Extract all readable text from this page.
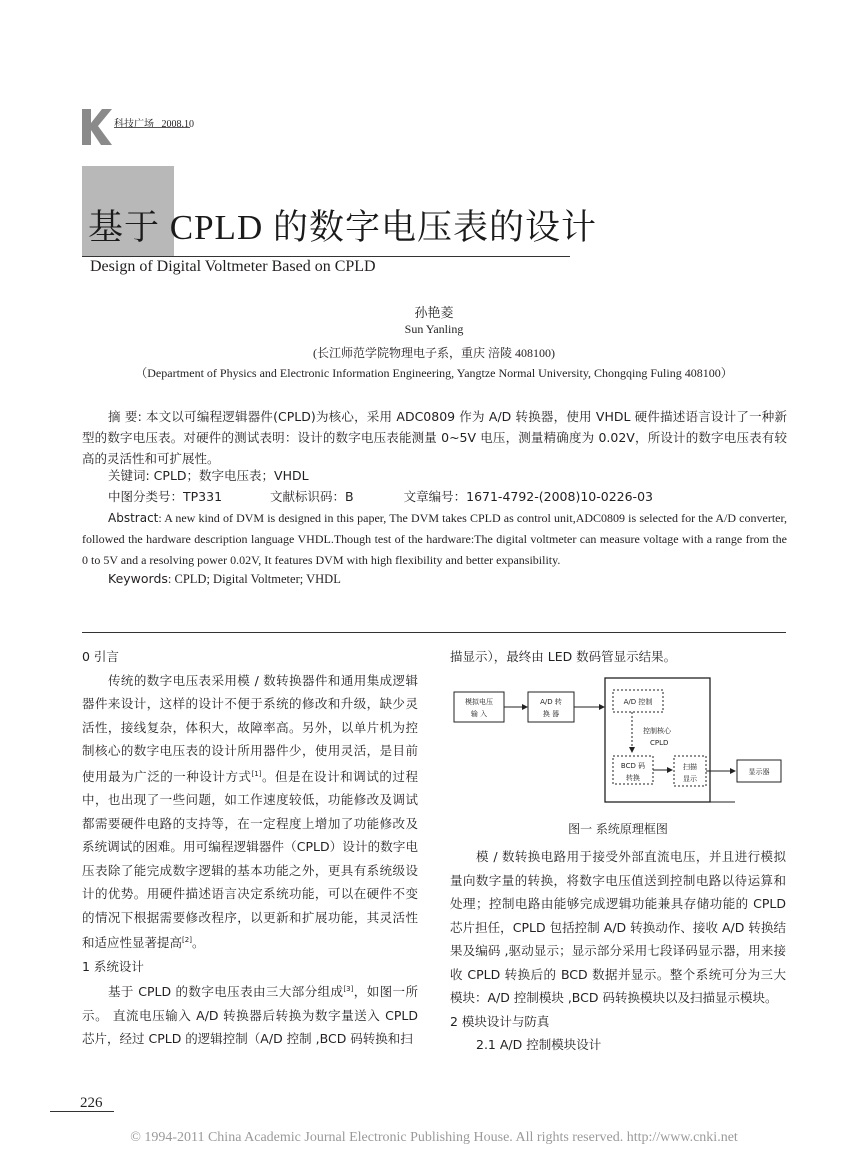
科技广场 2008.10
基于 CPLD 的数字电压表的设计
Design of Digital Voltmeter Based on CPLD
孙艳菱
Sun Yanling
(长江师范学院物理电子系，重庆 涪陵 408100)
（Department of Physics and Electronic Information Engineering, Yangtze Normal University, Chongqing Fuling 408100）
摘 要: 本文以可编程逻辑器件(CPLD)为核心，采用 ADC0809 作为 A/D 转换器，使用 VHDL 硬件描述语言设计了一种新型的数字电压表。对硬件的测试表明：设计的数字电压表能测量 0~5V 电压，测量精确度为 0.02V，所设计的数字电压表有较高的灵活性和可扩展性。
关键词: CPLD；数字电压表；VHDL
中图分类号：TP331	文献标识码：B	文章编号：1671-4792-(2008)10-0226-03
Abstract: A new kind of DVM is designed in this paper, The DVM takes CPLD as control unit,ADC0809 is selected for the A/D converter, followed the hardware description language VHDL.Though test of the hardware:The digital voltmeter can measure voltage with a range from the 0 to 5V and a resolving power 0.02V, It features DVM with high flexibility and better expansibility.
Keywords: CPLD; Digital Voltmeter; VHDL
0 引言
传统的数字电压表采用模 / 数转换器件和通用集成逻辑器件来设计，这样的设计不便于系统的修改和升级，缺少灵活性，接线复杂，体积大，故障率高。另外，以单片机为控制核心的数字电压表的设计所用器件少，使用灵活，是目前使用最为广泛的一种设计方式[1]。但是在设计和调试的过程中，也出现了一些问题，如工作速度较低，功能修改及调试都需要硬件电路的支持等，在一定程度上增加了功能修改及系统调试的困难。用可编程逻辑器件（CPLD）设计的数字电压表除了能完成数字逻辑的基本功能之外，更具有系统级设计的优势。用硬件描述语言决定系统功能，可以在硬件不变的情况下根据需要修改程序，以更新和扩展功能，其灵活性和适应性显著提高[2]。
1 系统设计
基于 CPLD 的数字电压表由三大部分组成[3]，如图一所示。 直流电压输入 A/D 转换器后转换为数字量送入 CPLD 芯片，经过 CPLD 的逻辑控制（A/D 控制 ,BCD 码转换和扫
描显示），最终由 LED 数码管显示结果。
模拟电压
输 入
A/D 转
换 器
A/D 控制
控制核心
CPLD
BCD 码
转换
扫描
显示
显示器
图一 系统原理框图
模 / 数转换电路用于接受外部直流电压，并且进行模拟量向数字量的转换，将数字电压值送到控制电路以待运算和处理；控制电路由能够完成逻辑功能兼具存储功能的 CPLD 芯片担任，CPLD 包括控制 A/D 转换动作、接收 A/D 转换结果及编码 ,驱动显示；显示部分采用七段译码显示器，用来接收 CPLD 转换后的 BCD 数据并显示。整个系统可分为三大模块：A/D 控制模块 ,BCD 码转换模块以及扫描显示模块。
2 模块设计与防真
2.1 A/D 控制模块设计
226
© 1994-2011 China Academic Journal Electronic Publishing House. All rights reserved. http://www.cnki.net
